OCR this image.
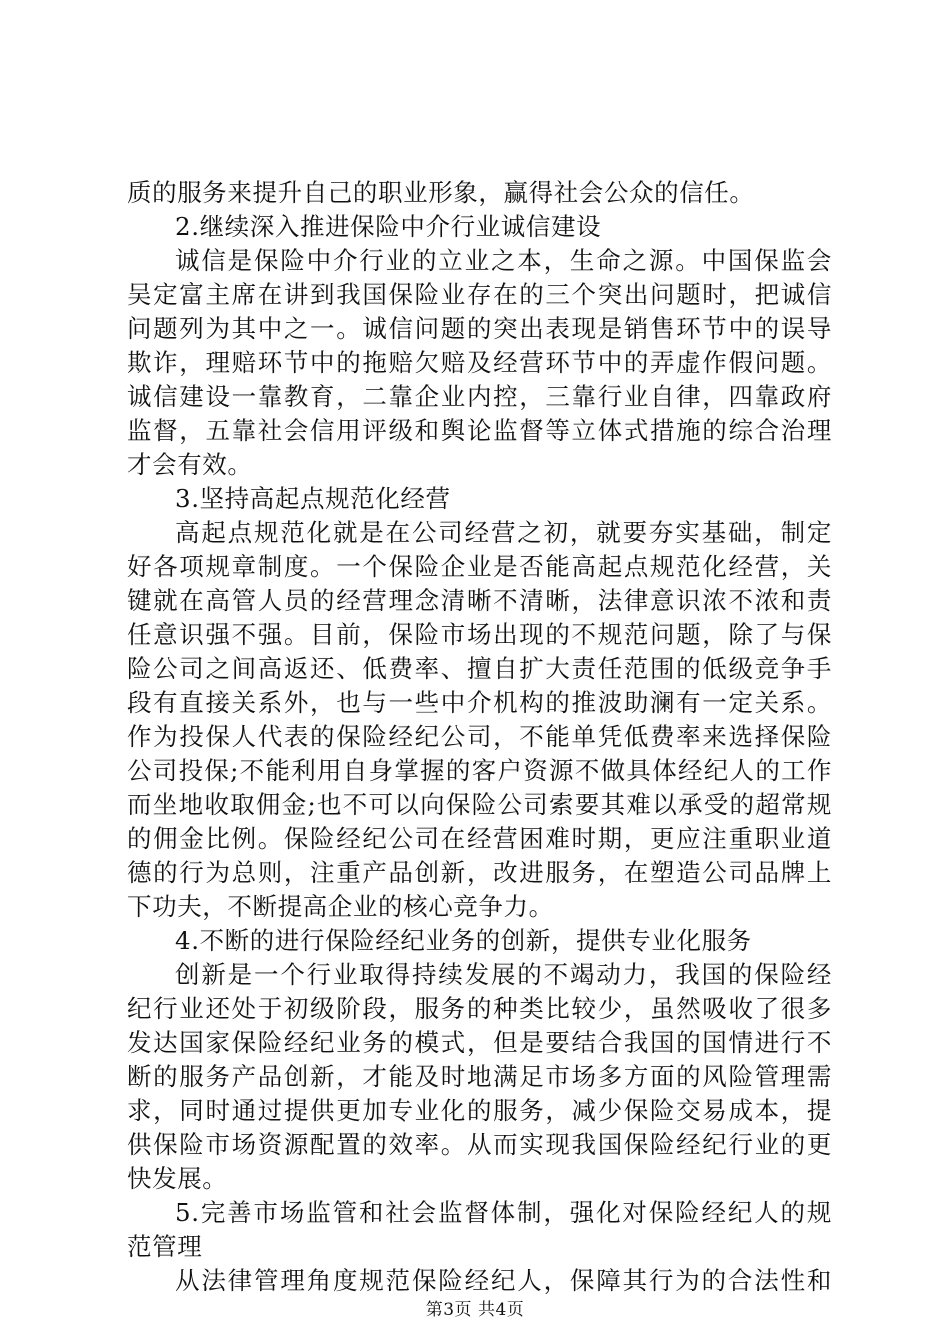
质的服务来提升自己的职业形象，赢得社会公众的信任。
2.继续深入推进保险中介行业诚信建设
诚信是保险中介行业的立业之本，生命之源。中国保监会
吴定富主席在讲到我国保险业存在的三个突出问题时，把诚信
问题列为其中之一。诚信问题的突出表现是销售环节中的误导
欺诈，理赔环节中的拖赔欠赔及经营环节中的弄虚作假问题。
诚信建设一靠教育，二靠企业内控，三靠行业自律，四靠政府
监督，五靠社会信用评级和舆论监督等立体式措施的综合治理
才会有效。
3.坚持高起点规范化经营
高起点规范化就是在公司经营之初，就要夯实基础，制定
好各项规章制度。一个保险企业是否能高起点规范化经营，关
键就在高管人员的经营理念清晰不清晰，法律意识浓不浓和责
任意识强不强。目前，保险市场出现的不规范问题，除了与保
险公司之间高返还、低费率、擅自扩大责任范围的低级竞争手
段有直接关系外，也与一些中介机构的推波助澜有一定关系。
作为投保人代表的保险经纪公司，不能单凭低费率来选择保险
公司投保;不能利用自身掌握的客户资源不做具体经纪人的工作
而坐地收取佣金;也不可以向保险公司索要其难以承受的超常规
的佣金比例。保险经纪公司在经营困难时期，更应注重职业道
德的行为总则，注重产品创新，改进服务，在塑造公司品牌上
下功夫，不断提高企业的核心竞争力。
4.不断的进行保险经纪业务的创新，提供专业化服务
创新是一个行业取得持续发展的不竭动力，我国的保险经
纪行业还处于初级阶段，服务的种类比较少，虽然吸收了很多
发达国家保险经纪业务的模式，但是要结合我国的国情进行不
断的服务产品创新，才能及时地满足市场多方面的风险管理需
求，同时通过提供更加专业化的服务，减少保险交易成本，提
供保险市场资源配置的效率。从而实现我国保险经纪行业的更
快发展。
5.完善市场监管和社会监督体制，强化对保险经纪人的规
范管理
从法律管理角度规范保险经纪人，保障其行为的合法性和
第3页 共4页
